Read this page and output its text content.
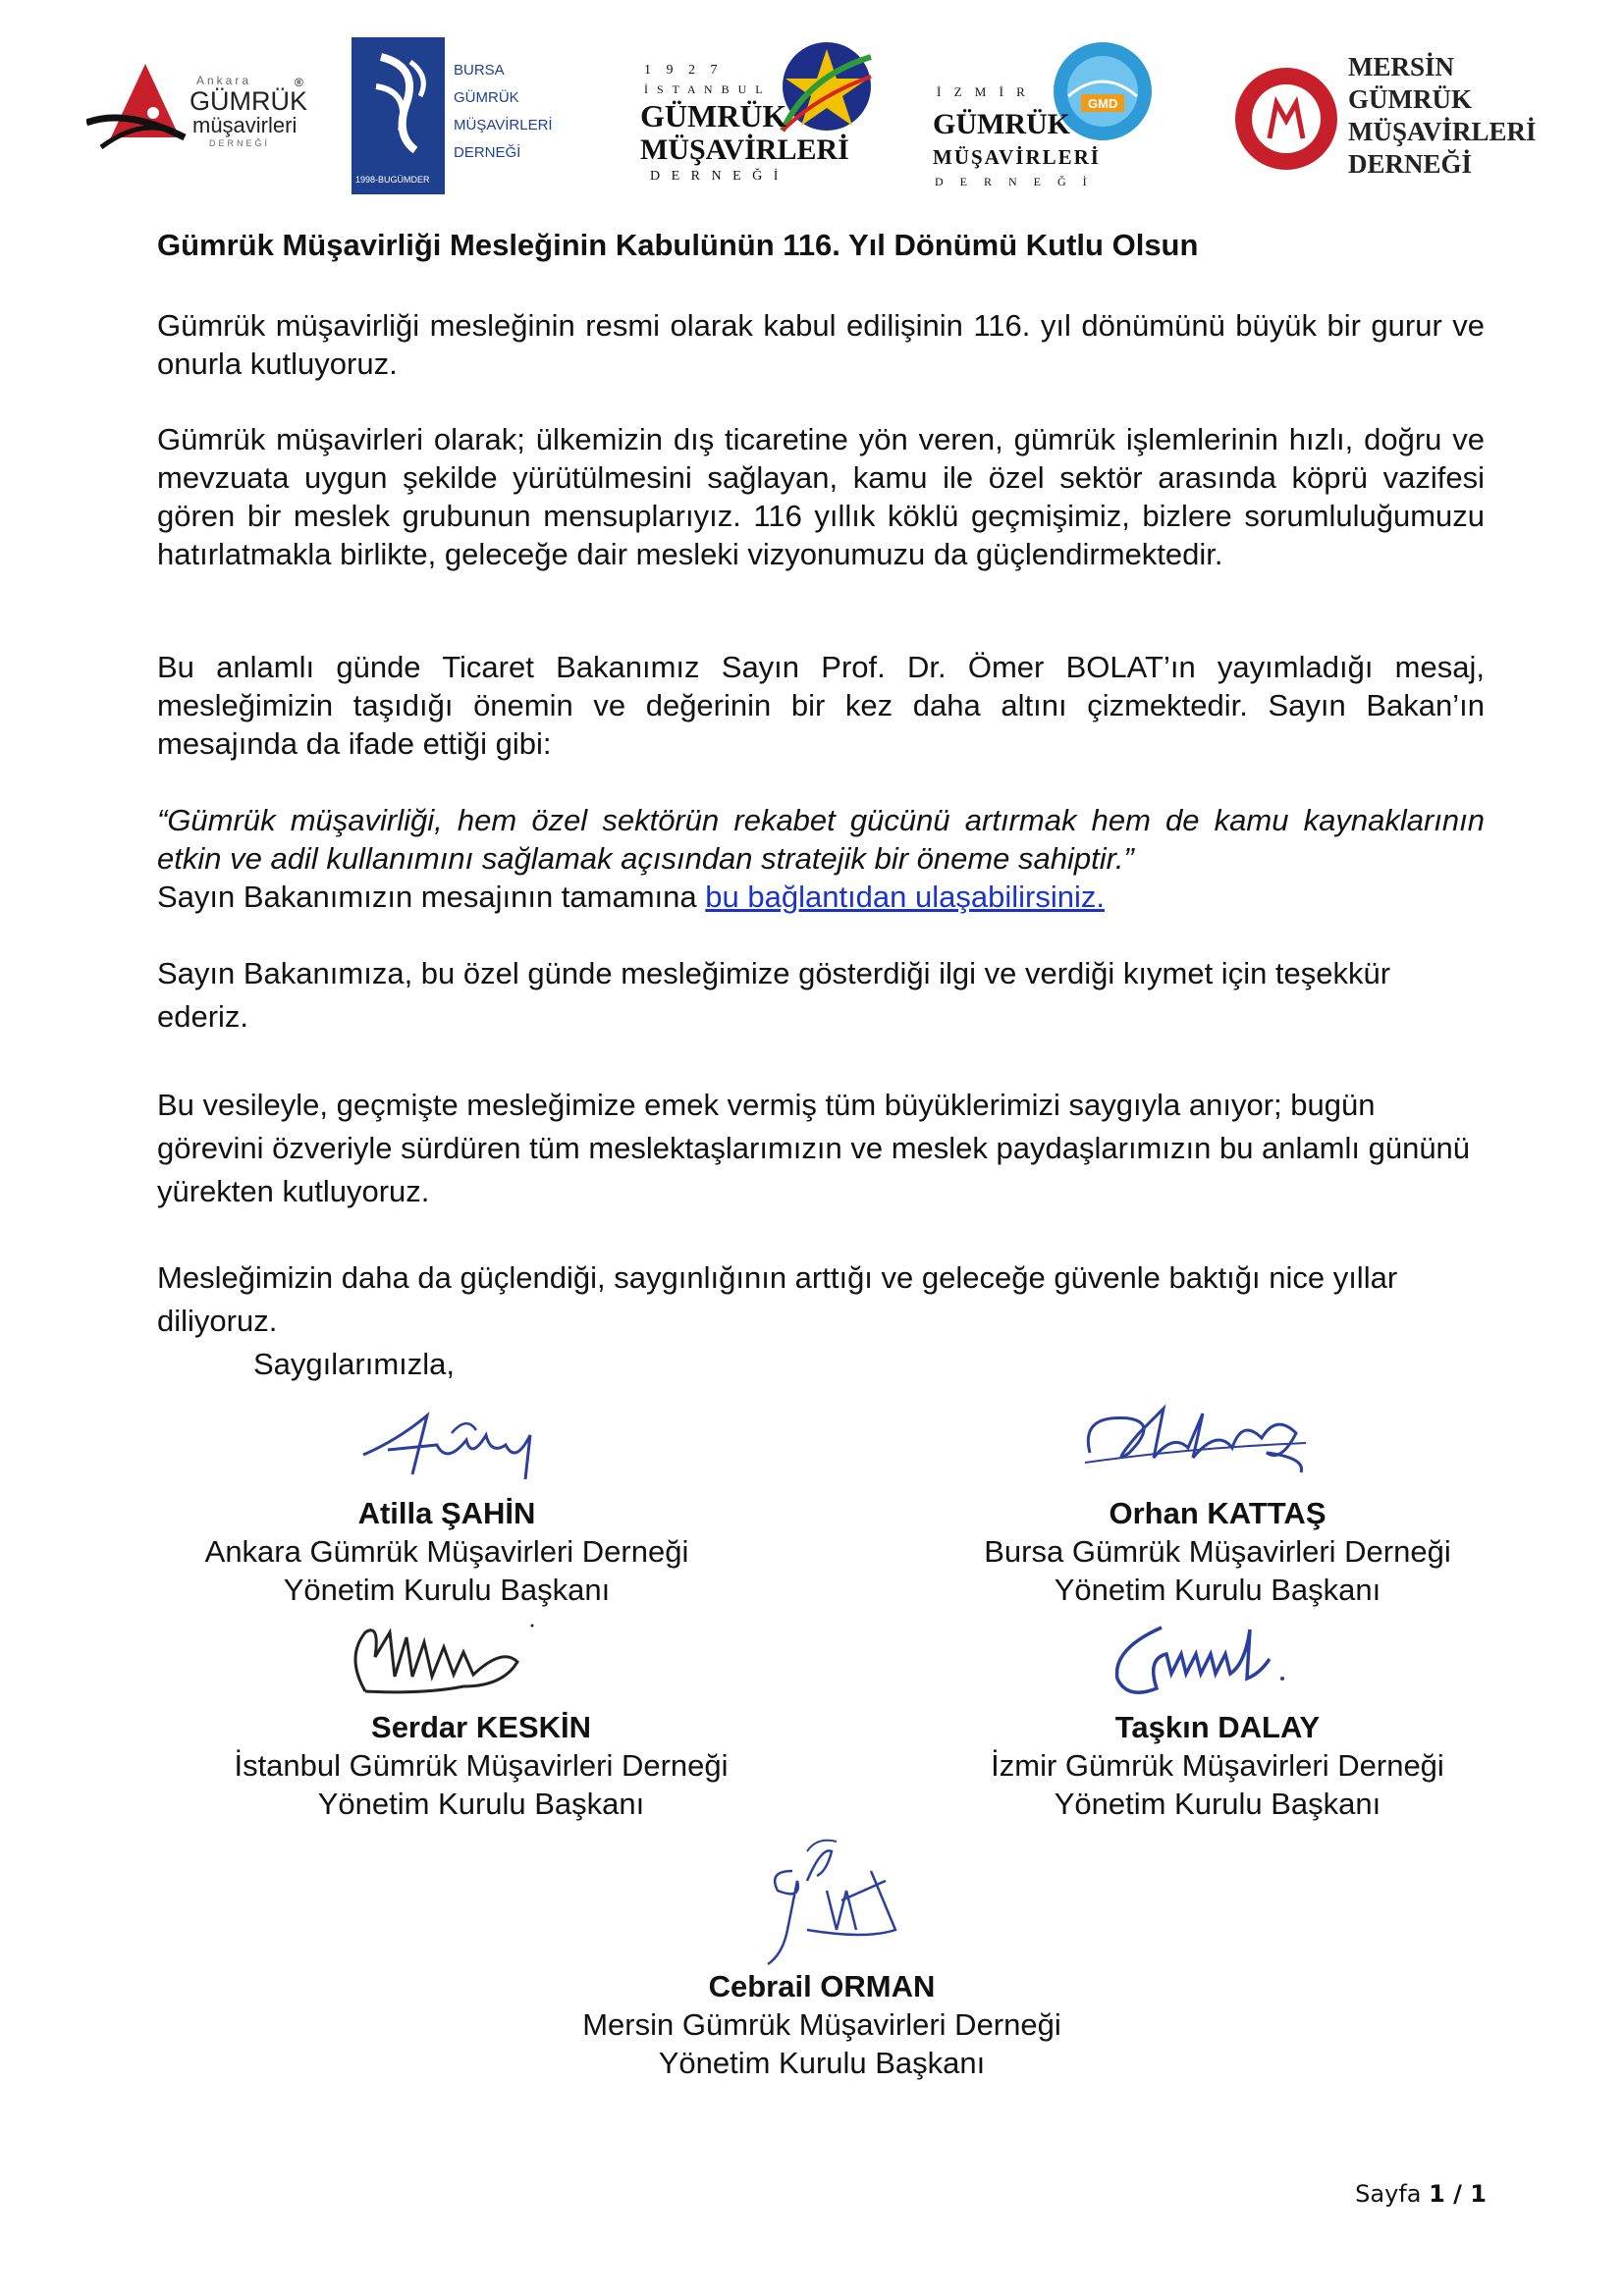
Ankara
GÜMRÜK
®
müşavirleri
DERNEĞİ
1998-BUGÜMDER
BURSA
GÜMRÜK
MÜŞAVİRLERİ
DERNEĞİ
1 9 2 7
İ S T A N B U L
GÜMRÜK
MÜŞAVİRLERİ
D E R N E Ğ İ
GMD
İ Z M İ R
GÜMRÜK
MÜŞAVİRLERİ
D E R N E Ğ İ
MERSİN
GÜMRÜK
MÜŞAVİRLERİ
DERNEĞİ
Gümrük Müşavirliği Mesleğinin Kabulünün 116. Yıl Dönümü Kutlu Olsun
Gümrük müşavirliği mesleğinin resmi olarak kabul edilişinin 116. yıl dönümünü büyük bir gurur ve onurla kutluyoruz.
Gümrük müşavirleri olarak; ülkemizin dış ticaretine yön veren, gümrük işlemlerinin hızlı, doğru ve mevzuata uygun şekilde yürütülmesini sağlayan, kamu ile özel sektör arasında köprü vazifesi gören bir meslek grubunun mensuplarıyız. 116 yıllık köklü geçmişimiz, bizlere sorumluluğumuzu hatırlatmakla birlikte, geleceğe dair mesleki vizyonumuzu da güçlendirmektedir.
Bu anlamlı günde Ticaret Bakanımız Sayın Prof. Dr. Ömer BOLAT’ın yayımladığı mesaj, mesleğimizin taşıdığı önemin ve değerinin bir kez daha altını çizmektedir. Sayın Bakan’ın mesajında da ifade ettiği gibi:
“Gümrük müşavirliği, hem özel sektörün rekabet gücünü artırmak hem de kamu kaynaklarının etkin ve adil kullanımını sağlamak açısından stratejik bir öneme sahiptir.”
Sayın Bakanımızın mesajının tamamına bu bağlantıdan ulaşabilirsiniz.
Sayın Bakanımıza, bu özel günde mesleğimize gösterdiği ilgi ve verdiği kıymet için teşekkür ederiz.
Bu vesileyle, geçmişte mesleğimize emek vermiş tüm büyüklerimizi saygıyla anıyor; bugün görevini özveriyle sürdüren tüm meslektaşlarımızın ve meslek paydaşlarımızın bu anlamlı gününü yürekten kutluyoruz.
Mesleğimizin daha da güçlendiği, saygınlığının arttığı ve geleceğe güvenle baktığı nice yıllar diliyoruz.
Saygılarımızla,
Atilla ŞAHİN
Ankara Gümrük Müşavirleri Derneği
Yönetim Kurulu Başkanı
Orhan KATTAŞ
Bursa Gümrük Müşavirleri Derneği
Yönetim Kurulu Başkanı
Serdar KESKİN
İstanbul Gümrük Müşavirleri Derneği
Yönetim Kurulu Başkanı
Taşkın DALAY
İzmir Gümrük Müşavirleri Derneği
Yönetim Kurulu Başkanı
Cebrail ORMAN
Mersin Gümrük Müşavirleri Derneği
Yönetim Kurulu Başkanı
Sayfa 1 / 1
